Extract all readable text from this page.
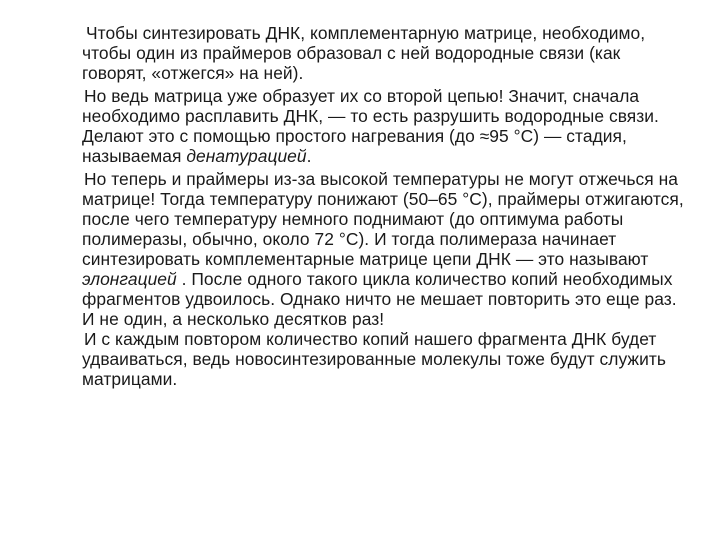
Чтобы синтезировать ДНК, комплементарную матрице, необходимо, чтобы один из праймеров образовал с ней водородные связи (как говорят, «отжегся» на ней).

Но ведь матрица уже образует их со второй цепью! Значит, сначала необходимо расплавить ДНК, — то есть разрушить водородные связи. Делают это с помощью простого нагревания (до ≈95 °С) — стадия, называемая денатурацией.

Но теперь и праймеры из-за высокой температуры не могут отжечься на матрице! Тогда температуру понижают (50–65 °С), праймеры отжигаются, после чего температуру немного поднимают (до оптимума работы полимеразы, обычно, около 72 °С). И тогда полимераза начинает синтезировать комплементарные матрице цепи ДНК — это называют элонгацией . После одного такого цикла количество копий необходимых фрагментов удвоилось. Однако ничто не мешает повторить это еще раз. И не один, а несколько десятков раз!

И с каждым повтором количество копий нашего фрагмента ДНК будет удваиваться, ведь новосинтезированные молекулы тоже будут служить матрицами.
